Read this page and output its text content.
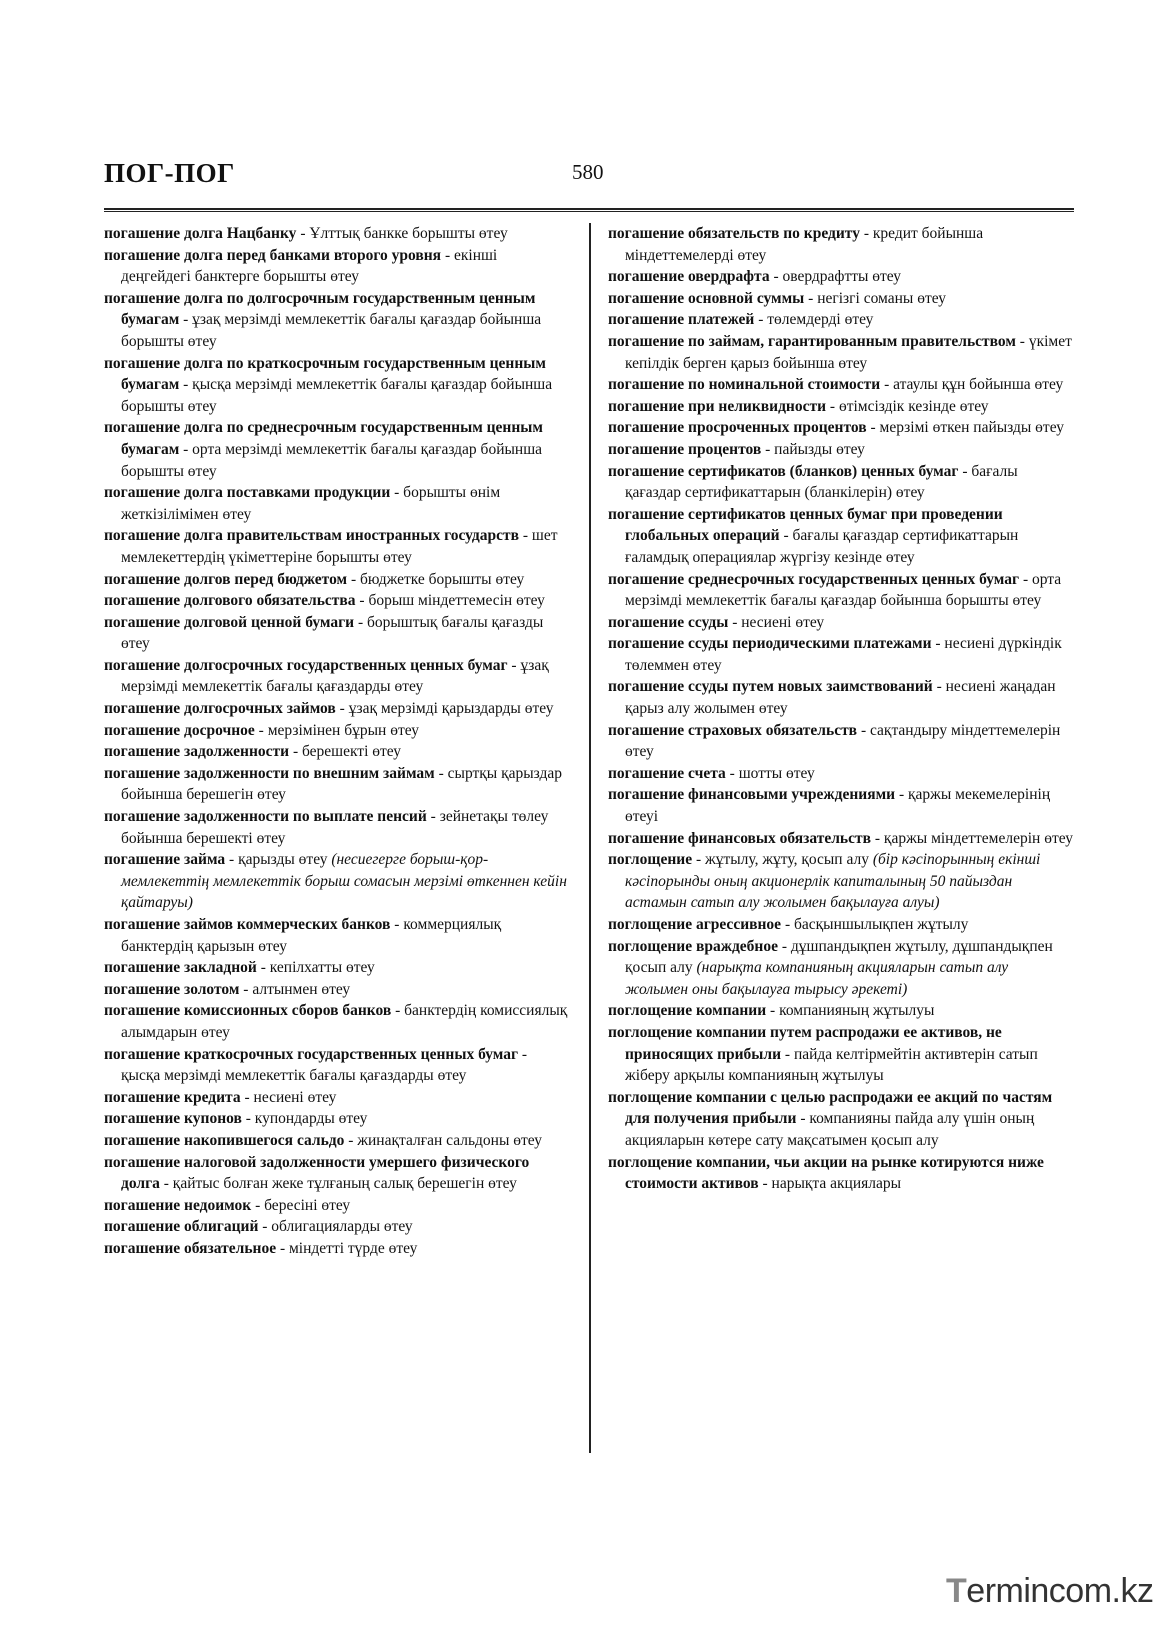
ПОГ-ПОГ	580

погашение долга Нацбанку - Ұлттық банкке борышты өтеу

погашение долга перед банками второго уровня - екінші деңгейдегі банктерге борышты өтеу

погашение долга по долгосрочным государственным ценным бумагам - ұзақ мерзімді мемлекеттік бағалы қағаздар бойынша борышты өтеу

погашение долга по краткосрочным государственным ценным бумагам - қысқа мерзімді мемлекеттік бағалы қағаздар бойынша борышты өтеу

погашение долга по среднесрочным государственным ценным бумагам - орта мерзімді мемлекеттік бағалы қағаздар бойынша борышты өтеу

погашение долга поставками продукции - борышты өнім жеткізілімімен өтеу

погашение долга правительствам иностранных государств - шет мемлекеттердің үкіметтеріне борышты өтеу

погашение долгов перед бюджетом - бюджетке борышты өтеу

погашение долгового обязательства - борыш міндеттемесін өтеу

погашение долговой ценной бумаги - борыштық бағалы қағазды өтеу

погашение долгосрочных государственных ценных бумаг - ұзақ мерзімді мемлекеттік бағалы қағаздарды өтеу

погашение долгосрочных займов - ұзақ мерзімді қарыздарды өтеу

погашение досрочное - мерзімінен бұрын өтеу

погашение задолженности - берешекті өтеу

погашение задолженности по внешним займам - сыртқы қарыздар бойынша берешегін өтеу

погашение задолженности по выплате пенсий - зейнетақы төлеу бойынша берешекті өтеу

погашение займа - қарызды өтеу (несиегерге борыш-қор-мемлекеттің мемлекеттік борыш сомасын мерзімі өткеннен кейін қайтаруы)

погашение займов коммерческих банков - коммерциялық банктердің қарызын өтеу

погашение закладной - кепілхатты өтеу

погашение золотом - алтынмен өтеу

погашение комиссионных сборов банков - банктердің комиссиялық алымдарын өтеу

погашение краткосрочных государственных ценных бумаг - қысқа мерзімді мемлекеттік бағалы қағаздарды өтеу

погашение кредита - несиені өтеу

погашение купонов - купондарды өтеу

погашение накопившегося сальдо - жинақталған сальдоны өтеу

погашение налоговой задолженности умершего физического долга - қайтыс болған жеке тұлғаның салық берешегін өтеу

погашение недоимок - бересіні өтеу

погашение облигаций - облигацияларды өтеу

погашение обязательное - міндетті түрде өтеу

погашение обязательств по кредиту - кредит бойынша міндеттемелерді өтеу

погашение овердрафта - овердрафтты өтеу

погашение основной суммы - негізгі соманы өтеу

погашение платежей - төлемдерді өтеу

погашение по займам, гарантированным правительством - үкімет кепілдік берген қарыз бойынша өтеу

погашение по номинальной стоимости - атаулы құн бойынша өтеу

погашение при неликвидности - өтімсіздік кезінде өтеу

погашение просроченных процентов - мерзімі өткен пайызды өтеу

погашение процентов - пайызды өтеу

погашение сертификатов (бланков) ценных бумаг - бағалы қағаздар сертификаттарын (бланкілерін) өтеу

погашение сертификатов ценных бумаг при проведении глобальных операций - бағалы қағаздар сертификаттарын ғаламдық операциялар жүргізу кезінде өтеу

погашение среднесрочных государственных ценных бумаг - орта мерзімді мемлекеттік бағалы қағаздар бойынша борышты өтеу

погашение ссуды - несиені өтеу

погашение ссуды периодическими платежами - несиені дүркіндік төлеммен өтеу

погашение ссуды путем новых заимствований - несиені жаңадан қарыз алу жолымен өтеу

погашение страховых обязательств - сақтандыру міндеттемелерін өтеу

погашение счета - шотты өтеу

погашение финансовыми учреждениями - қаржы мекемелерінің өтеуі

погашение финансовых обязательств - қаржы міндеттемелерін өтеу

поглощение - жұтылу, жұту, қосып алу (бір кәсіпорынның екінші кәсіпорынды оның акционерлік капиталының 50 пайыздан астамын сатып алу жолымен бақылауға алуы)

поглощение агрессивное - басқыншылықпен жұтылу

поглощение враждебное - дұшпандықпен жұтылу, дұшпандықпен қосып алу (нарықта компанияның акцияларын сатып алу жолымен оны бақылауға тырысу әрекеті)

поглощение компании - компанияның жұтылуы

поглощение компании путем распродажи ее активов, не приносящих прибыли - пайда келтірмейтін активтерін сатып жіберу арқылы компанияның жұтылуы

поглощение компании с целью распродажи ее акций по частям для получения прибыли - компанияны пайда алу үшін оның акцияларын көтере сату мақсатымен қосып алу

поглощение компании, чьи акции на рынке котируются ниже стоимости активов - нарықта акциялары

Termincom.kz
